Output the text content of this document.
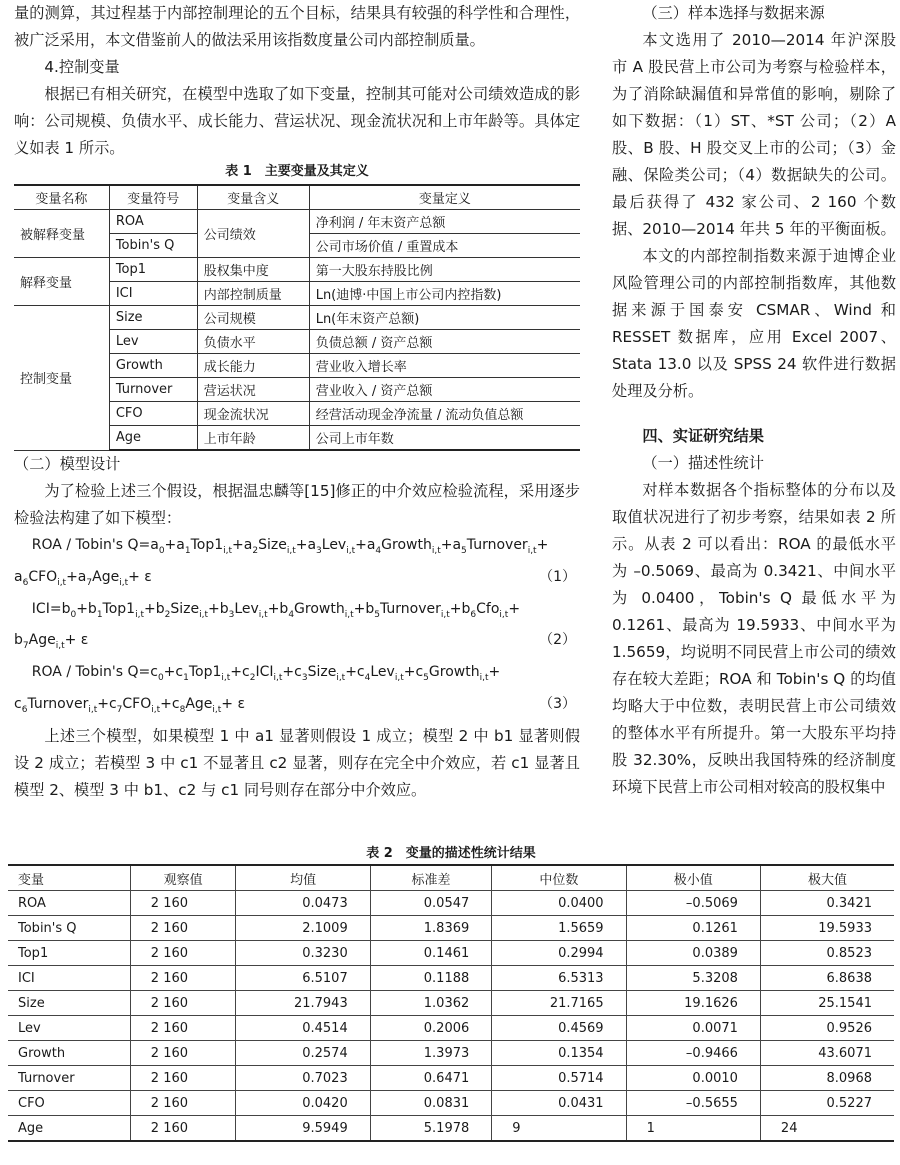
量的测算，其过程基于内部控制理论的五个目标，结果具有较强的科学性和合理性，被广泛采用，本文借鉴前人的做法采用该指数度量公司内部控制质量。

4.控制变量

根据已有相关研究，在模型中选取了如下变量，控制其可能对公司绩效造成的影响：公司规模、负债水平、成长能力、营运状况、现金流状况和上市年龄等。具体定义如表 1 所示。

表 1　主要变量及其定义
变量名称	变量符号	变量含义	变量定义
被解释变量	ROA	公司绩效	净利润 / 年末资产总额
	Tobin's Q		公司市场价值 / 重置成本
解释变量	Top1	股权集中度	第一大股东持股比例
	ICI	内部控制质量	Ln(迪博·中国上市公司内控指数)
控制变量	Size	公司规模	Ln(年末资产总额)
	Lev	负债水平	负债总额 / 资产总额
	Growth	成长能力	营业收入增长率
	Turnover	营运状况	营业收入 / 资产总额
	CFO	现金流状况	经营活动现金净流量 / 流动负值总额
	Age	上市年龄	公司上市年数

（二）模型设计

为了检验上述三个假设，根据温忠麟等[15]修正的中介效应检验流程，采用逐步检验法构建了如下模型：

ROA / Tobin's $Q=a_0+a_1Top1_{i,t}+a_2Size_{i,t}+a_3Lev_{i,t}+a_4Growth_{i,t}+a_5Turnover_{i,t}+$
$a_6CFO_{i,t}+a_7Age_{i,t}+ \varepsilon$	（1）
$ICI=b_0+b_1Top1_{i,t}+b_2Size_{i,t}+b_3Lev_{i,t}+b_4Growth_{i,t}+b_5Turnover_{i,t}+b_6Cfo_{i,t}+$
$b_7Age_{i,t}+ \varepsilon$	（2）
ROA / Tobin's $Q=c_0+c_1Top1_{i,t}+c_2ICI_{i,t}+c_3Size_{i,t}+c_4Lev_{i,t}+c_5Growth_{i,t}+$
$c_6Turnover_{i,t}+c_7CFO_{i,t}+c_8Age_{i,t}+ \varepsilon$	（3）

上述三个模型，如果模型 1 中 a1 显著则假设 1 成立；模型 2 中 b1 显著则假设 2 成立；若模型 3 中 c1 不显著且 c2 显著，则存在完全中介效应，若 c1 显著且模型 2、模型 3 中 b1、c2 与 c1 同号则存在部分中介效应。

（三）样本选择与数据来源

本文选用了 2010—2014 年沪深股市 A 股民营上市公司为考察与检验样本，为了消除缺漏值和异常值的影响，剔除了如下数据：（1）ST、*ST 公司；（2）A 股、B 股、H 股交叉上市的公司；（3）金融、保险类公司；（4）数据缺失的公司。最后获得了 432 家公司、2 160 个数据、2010—2014 年共 5 年的平衡面板。

本文的内部控制指数来源于迪博企业风险管理公司的内部控制指数库，其他数据来源于国泰安 CSMAR、Wind 和 RESSET 数据库，应用 Excel 2007、Stata 13.0 以及 SPSS 24 软件进行数据处理及分析。

四、实证研究结果

（一）描述性统计

对样本数据各个指标整体的分布以及取值状况进行了初步考察，结果如表 2 所示。从表 2 可以看出：ROA 的最低水平为 –0.5069、最高为 0.3421、中间水平为 0.0400，Tobin's Q 最低水平为 0.1261、最高为 19.5933、中间水平为 1.5659，均说明不同民营上市公司的绩效存在较大差距；ROA 和 Tobin's Q 的均值均略大于中位数，表明民营上市公司绩效的整体水平有所提升。第一大股东平均持股 32.30%，反映出我国特殊的经济制度环境下民营上市公司相对较高的股权集中

表 2　变量的描述性统计结果
变量	观察值	均值	标准差	中位数	极小值	极大值
ROA	2 160	0.0473	0.0547	0.0400	–0.5069	0.3421
Tobin's Q	2 160	2.1009	1.8369	1.5659	0.1261	19.5933
Top1	2 160	0.3230	0.1461	0.2994	0.0389	0.8523
ICI	2 160	6.5107	0.1188	6.5313	5.3208	6.8638
Size	2 160	21.7943	1.0362	21.7165	19.1626	25.1541
Lev	2 160	0.4514	0.2006	0.4569	0.0071	0.9526
Growth	2 160	0.2574	1.3973	0.1354	–0.9466	43.6071
Turnover	2 160	0.7023	0.6471	0.5714	0.0010	8.0968
CFO	2 160	0.0420	0.0831	0.0431	–0.5655	0.5227
Age	2 160	9.5949	5.1978	9	1	24
